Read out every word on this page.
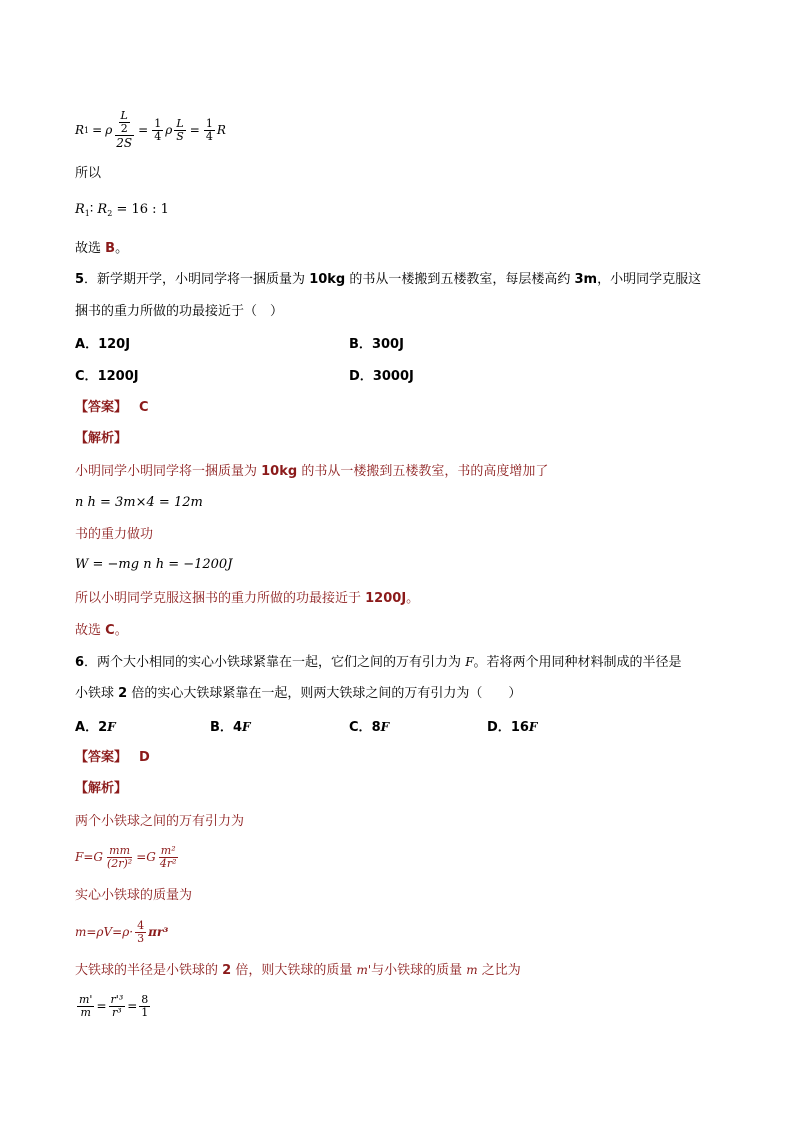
R 1 = ρ $\frac{\frac{L}{2}}{2S} = \frac{1}{4}$ ρ $\frac{L}{S} = \frac{1}{4}$ R
所以
$R_1∶$ $R_2 = 16$ : 1
故选 B。
5．新学期开学，小明同学将一捆质量为 10kg 的书从一楼搬到五楼教室，每层楼高约 3m，小明同学克服这
捆书的重力所做的功最接近于（　）
A．120J	B．300J
C．1200J	D．3000J
【答案】 C
【解析】
小明同学小明同学将一捆质量为 10kg 的书从一楼搬到五楼教室，书的高度增加了
n h = 3m×4 = 12m
书的重力做功
W = −mg n h = −1200J
所以小明同学克服这捆书的重力所做的功最接近于 1200J。
故选 C。
6．两个大小相同的实心小铁球紧靠在一起，它们之间的万有引力为 F。若将两个用同种材料制成的半径是
小铁球 2 倍的实心大铁球紧靠在一起，则两大铁球之间的万有引力为（　　）
A．2F	B．4F	C．8F	D．16F
【答案】 D
【解析】
两个小铁球之间的万有引力为
$F=G \frac{mm}{\text{(2r)²}} =G \frac{\text{m²}}{\text{4r²}}$
实心小铁球的质量为
$m=\rho V=\rho\cdot \frac{4}{3} \pi r^3$
大铁球的半径是小铁球的 2 倍，则大铁球的质量 m'与小铁球的质量 m 之比为
$\frac{m'}{m} = \frac{\text{r'³}}{\text{r³}} = \frac{8}{1}$
